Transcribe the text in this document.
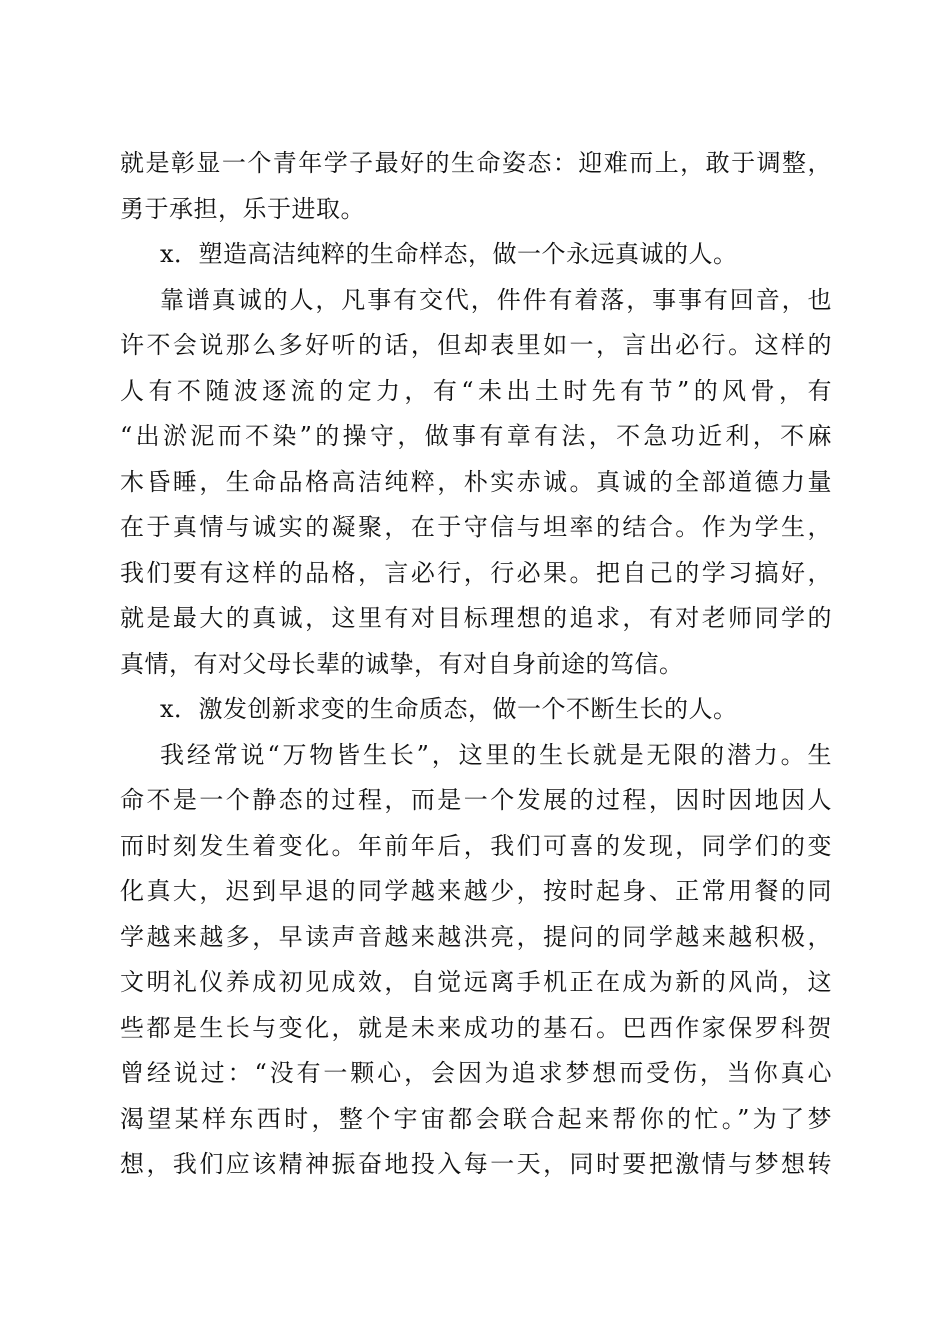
就是彰显一个青年学子最好的生命姿态：迎难而上，敢于调整，
勇于承担，乐于进取。
x．塑造高洁纯粹的生命样态，做一个永远真诚的人。
靠谱真诚的人，凡事有交代，件件有着落，事事有回音，也
许不会说那么多好听的话，但却表里如一，言出必行。这样的
人有不随波逐流的定力，有“未出土时先有节”的风骨，有
“出淤泥而不染”的操守，做事有章有法，不急功近利，不麻
木昏睡，生命品格高洁纯粹，朴实赤诚。真诚的全部道德力量
在于真情与诚实的凝聚，在于守信与坦率的结合。作为学生，
我们要有这样的品格，言必行，行必果。把自己的学习搞好，
就是最大的真诚，这里有对目标理想的追求，有对老师同学的
真情，有对父母长辈的诚挚，有对自身前途的笃信。
x．激发创新求变的生命质态，做一个不断生长的人。
我经常说“万物皆生长”，这里的生长就是无限的潜力。生
命不是一个静态的过程，而是一个发展的过程，因时因地因人
而时刻发生着变化。年前年后，我们可喜的发现，同学们的变
化真大，迟到早退的同学越来越少，按时起身、正常用餐的同
学越来越多，早读声音越来越洪亮，提问的同学越来越积极，
文明礼仪养成初见成效，自觉远离手机正在成为新的风尚，这
些都是生长与变化，就是未来成功的基石。巴西作家保罗科贺
曾经说过：“没有一颗心，会因为追求梦想而受伤，当你真心
渴望某样东西时，整个宇宙都会联合起来帮你的忙。”为了梦
想，我们应该精神振奋地投入每一天，同时要把激情与梦想转
